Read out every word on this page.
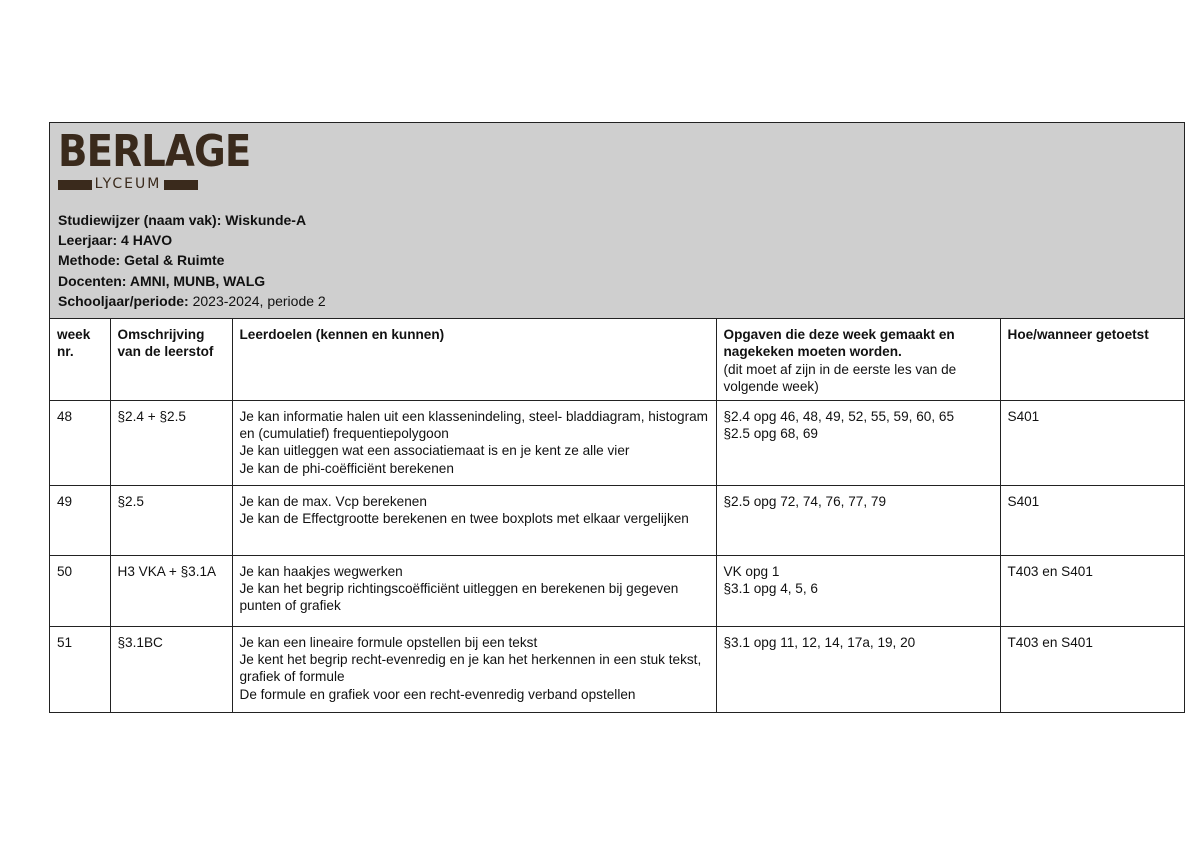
BERLAGE
LYCEUM
Studiewijzer (naam vak): Wiskunde-A
Leerjaar: 4 HAVO
Methode: Getal & Ruimte
Docenten: AMNI, MUNB, WALG
Schooljaar/periode: 2023-2024, periode 2
week nr.	Omschrijving van de leerstof	Leerdoelen (kennen en kunnen)	Opgaven die deze week gemaakt en nagekeken moeten worden.
(dit moet af zijn in de eerste les van de volgende week)	Hoe/wanneer getoetst
48	§2.4 + §2.5	Je kan informatie halen uit een klassenindeling, steel- bladdiagram, histogram en (cumulatief) frequentiepolygoon
Je kan uitleggen wat een associatiemaat is en je kent ze alle vier
Je kan de phi-coëfficiënt berekenen	§2.4 opg 46, 48, 49, 52, 55, 59, 60, 65
§2.5 opg 68, 69	S401
49	§2.5	Je kan de max. Vcp berekenen
Je kan de Effectgrootte berekenen en twee boxplots met elkaar vergelijken	§2.5 opg 72, 74, 76, 77, 79	S401
50	H3 VKA + §3.1A	Je kan haakjes wegwerken
Je kan het begrip richtingscoëfficiënt uitleggen en berekenen bij gegeven punten of grafiek	VK opg 1
§3.1 opg 4, 5, 6	T403 en S401
51	§3.1BC	Je kan een lineaire formule opstellen bij een tekst
Je kent het begrip recht-evenredig en je kan het herkennen in een stuk tekst, grafiek of formule
De formule en grafiek voor een recht-evenredig verband opstellen	§3.1 opg 11, 12, 14, 17a, 19, 20	T403 en S401
